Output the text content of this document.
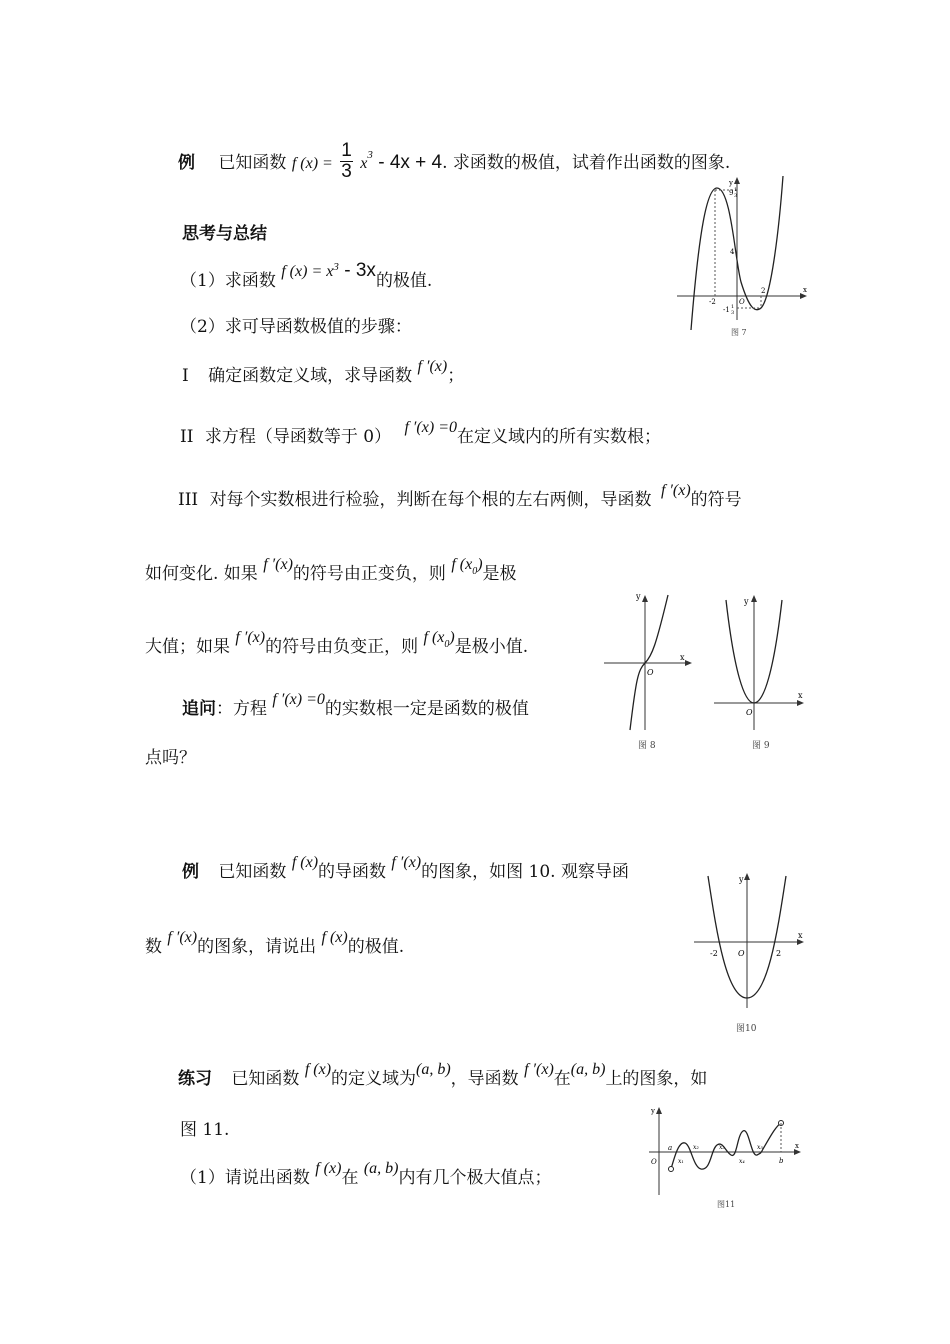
例 已知函数 f $(x) = \frac{1}{3} x^3 - 4x + 4$. 求函数的极值，试着作出函数的图象.
思考与总结
（1）求函数 f $(x) = x^3 - 3x$的极值.
（2）求可导函数极值的步骤：
I 确定函数定义域，求导函数 f ′(x)；
II 求方程（导函数等于 0） f ′(x) =0在定义域内的所有实数根；
III 对每个实数根进行检验，判断在每个根的左右两侧，导函数 f ′(x)的符号
如何变化. 如果 f ′(x)的符号由正变负，则 f $(x^0)$是极
大值；如果 f ′(x)的符号由负变正，则 f $(x^0)$是极小值.
追问：方程 f ′(x) =0的实数根一定是函数的极值
点吗？
例 已知函数 f (x)的导函数 f ′(x)的图象，如图 10. 观察导函
数 f ′(x)的图象，请说出 f (x)的极值.
练习 已知函数 f (x)的定义域为(a, b)，导函数 f ′(x)在(a, b)上的图象，如
图 11.
（1）请说出函数 f (x)在 (a, b)内有几个极大值点；
y
x
9 1
3
4
-2
2
O
-1 1
3
图 7
y
x
O
图 8
y
x
O
图 9
y
x
-2	2
O
图10
y
x
O
a
b
x₁
x₂	x₃
x₄
x₅
图11
